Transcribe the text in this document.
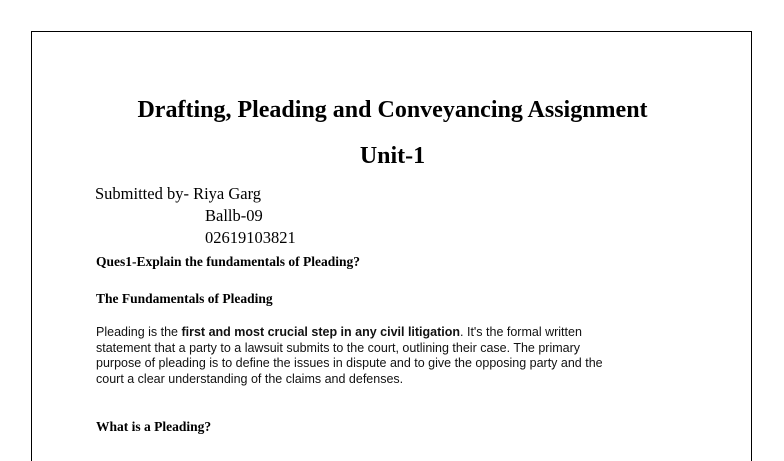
Drafting, Pleading and Conveyancing Assignment
Unit-1
Submitted by- Riya Garg
Ballb-09
02619103821
Ques1-Explain the fundamentals of Pleading?
The Fundamentals of Pleading
Pleading is the first and most crucial step in any civil litigation. It's the formal written
statement that a party to a lawsuit submits to the court, outlining their case. The primary
purpose of pleading is to define the issues in dispute and to give the opposing party and the
court a clear understanding of the claims and defenses.
What is a Pleading?
